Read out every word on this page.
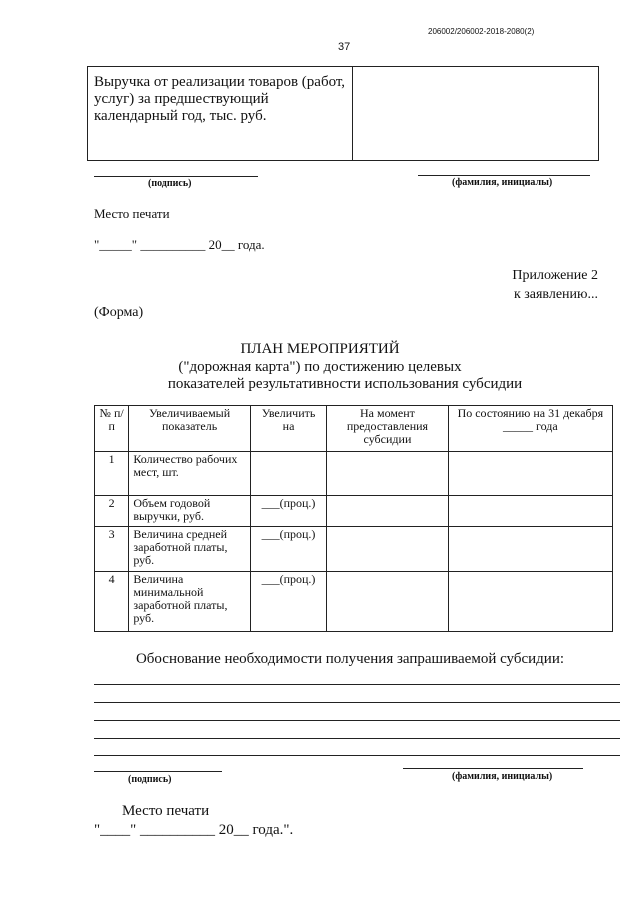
206002/206002-2018-2080(2)
37
Выручка от реализации товаров (работ, услуг) за предшествующий календарный год, тыс. руб.	
(подпись)	(фамилия, инициалы)
Место печати
"_____" __________ 20__ года.
Приложение 2
к заявлению...
(Форма)
ПЛАН МЕРОПРИЯТИЙ
("дорожная карта") по достижению целевых
показателей результативности использования субсидии
№ п/п	Увеличиваемый показатель	Увеличить на	На момент предоставления субсидии	По состоянию на 31 декабря _____ года
1	Количество рабочих мест, шт.			
2	Объем годовой выручки, руб.	___(проц.)		
3	Величина средней заработной платы, руб.	___(проц.)		
4	Величина минимальной заработной платы, руб.	___(проц.)		
Обоснование необходимости получения запрашиваемой субсидии:
(подпись)	(фамилия, инициалы)
Место печати
"____" __________ 20__ года.".
